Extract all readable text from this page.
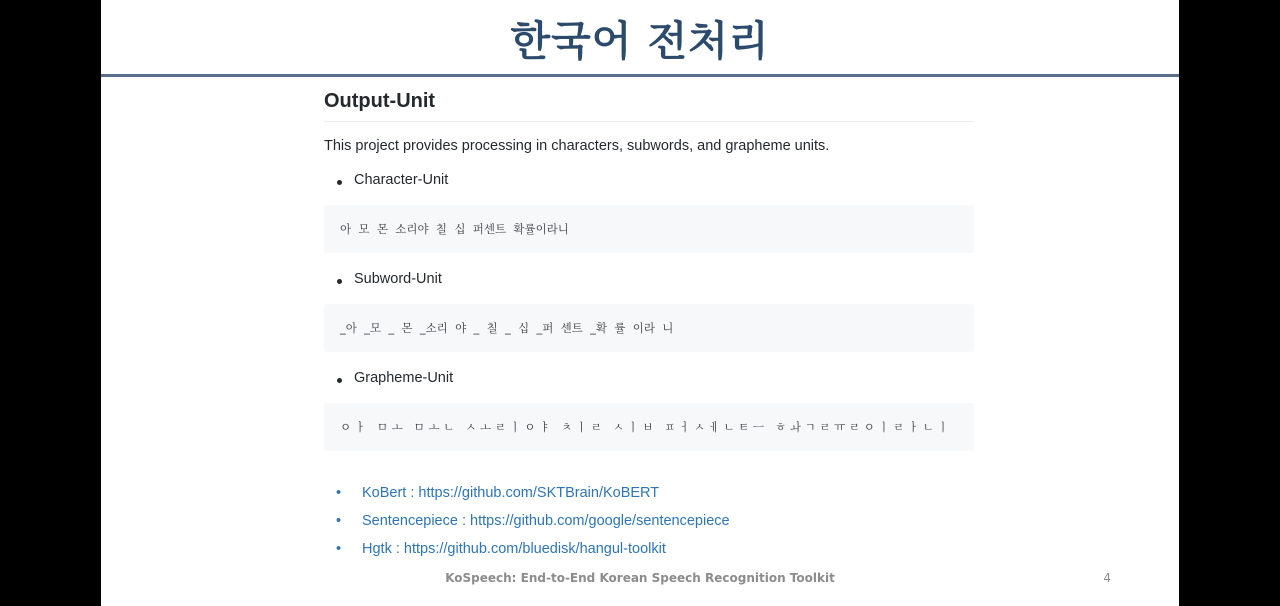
한국어 전처리
Output-Unit

This project provides processing in characters, subwords, and grapheme units.

Character-Unit

아  모  몬  소리야  칠  십  퍼센트  확률이라니

Subword-Unit

_아  _모  _  몬  _소리  야  _  칠  _  십  _퍼  센트  _확  률  이라  니

Grapheme-Unit

ㅇ ㅏ   ㅁ ㅗ   ㅁ ㅗ ㄴ   ㅅ ㅗ ㄹ ㅣ ㅇ ㅑ   ㅊ ㅣ ㄹ   ㅅ ㅣ ㅂ   ㅍ ㅓ ㅅ ㅔ ㄴ ㅌ ㅡ   ㅎ ㅘ ㄱ ㄹ ㅠ ㄹ ㅇ ㅣ ㄹ ㅏ ㄴ ㅣ
• KoBert : https://github.com/SKTBrain/KoBERT
• Sentencepiece : https://github.com/google/sentencepiece
• Hgtk : https://github.com/bluedisk/hangul-toolkit
KoSpeech: End-to-End Korean Speech Recognition Toolkit	4
